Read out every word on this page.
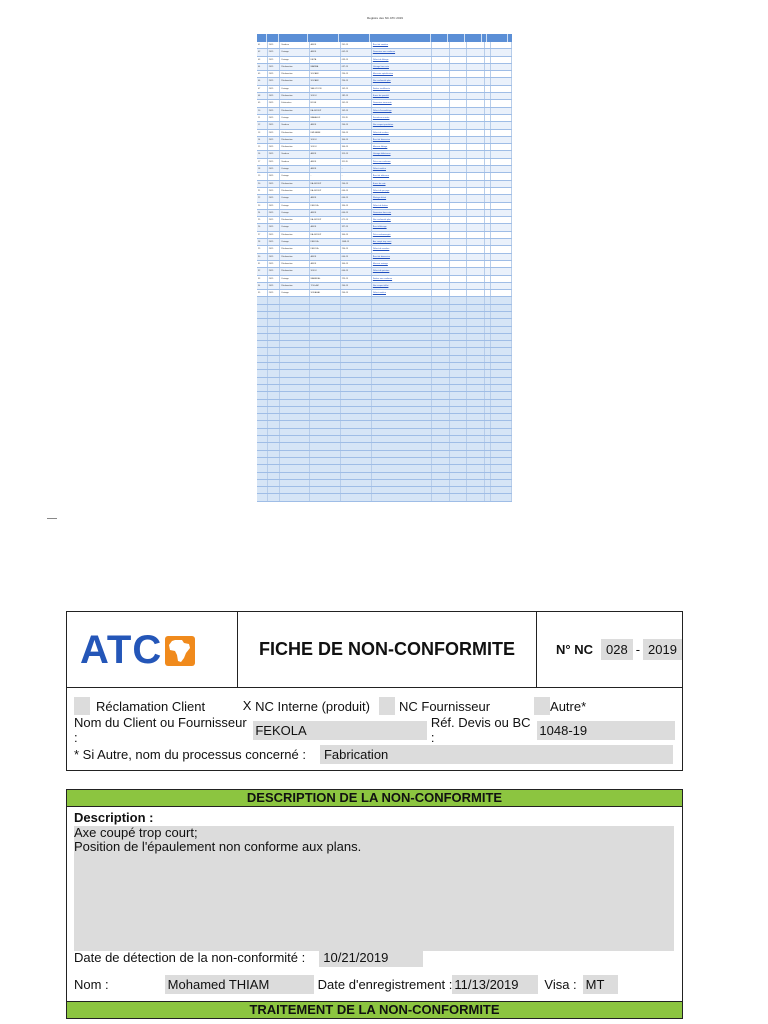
Registre des NC ATC 2019
01	2019	Soudure	ANOK	201-19	Écart de soudure
02	2019	Usinage	ANOK	002-19	Dimension non conforme
03	2019	Usinage	KEITA	033-19	Défaut de filetage
04	2019	Réclamation	MARIBA	037-19	Usinage hors cote
05	2019	Réclamation	SOCAEF	294-19	Mauvaise spécification
06	2019	Réclamation	SOCAEF	294-19	Non conformité plan
07	2019	Usinage	WALLYCOB	102-19	Finition insuffisante
08	2019	Réclamation	SOKLI	182-19	Erreur de quantité
09	2019	Fabrication	BCGE	101-19	Dimension incorrecte
10	2019	Réclamation	KA-GROUP	102-19	Défaut d'assemblage
11	2019	Usinage	MAHALEX	119-19	Fourniture erronée
12	2019	Soudure	ANOK	204-19	Non respect procédure
13	2019	Réclamation	KMLMASE	200-19	Défaut de surface
14	2019	Réclamation	SOKLI	300-19	Écart de dimension
15	2019	Réclamation	SOKLI	300-19	Mauvais filetage
16	2019	Soudure	ANOK	315-19	Usinage défectueux
17	2019	Soudure	ANOK	311-19	Pièce non conforme
18	2019	Usinage	ANOK	-	Défaut matière
19	2019	Usinage	-	-	Écart de tolérance
20	2019	Réclamation	KA-GROUP	200-19	Erreur de cote
21	2019	Réclamation	KA-GROUP	000-19	Défaut de perçage
22	2019	Usinage	ANOK	000-19	Filetage abîmé
23	2019	Usinage	FEKOLA	394-19	Défaut de finition
24	2019	Usinage	ANOK	000-19	Dimension hors cote
25	2019	Réclamation	KA-GROUP	071-19	Non conformité plan
26	2019	Usinage	ANOK	327-19	Écart d'alésage
27	2019	Réclamation	KA-GROUP	300-19	Pièce endommagée
28	2019	Usinage	FEKOLA	1048-19	Axe coupé trop court
29	2019	Réclamation	FEKOLA	294-19	Défaut de soudure
30	2019	Réclamation	ANOK	000-19	Écart de dimension
31	2019	Réclamation	ANOK	300-19	Mauvais usinage
32	2019	Réclamation	SOKLI	000-19	Défaut de peinture
33	2019	Usinage	MAMEDAL	229-19	Finition non conforme
34	2019	Réclamation	TOLLAM	200-19	Non respect délai
35	2019	Usinage	SODAHAL	200-19	Défaut matière
ATC	FICHE DE NON-CONFORMITE	N° NC	028 - 2019
Réclamation Client	X NC Interne (produit) NC Fournisseur	Autre*
Nom du Client ou Fournisseur :	FEKOLA	Réf. Devis ou BC :	1048-19
* Si Autre, nom du processus concerné :	Fabrication
DESCRIPTION DE LA NON-CONFORMITE
Description :
Axe coupé trop court;
Position de l'épaulement non conforme aux plans.
Date de détection de la non-conformité :	10/21/2019
Nom :	Mohamed THIAM	Date d'enregistrement : 11/13/2019	Visa : MT
TRAITEMENT DE LA NON-CONFORMITE
